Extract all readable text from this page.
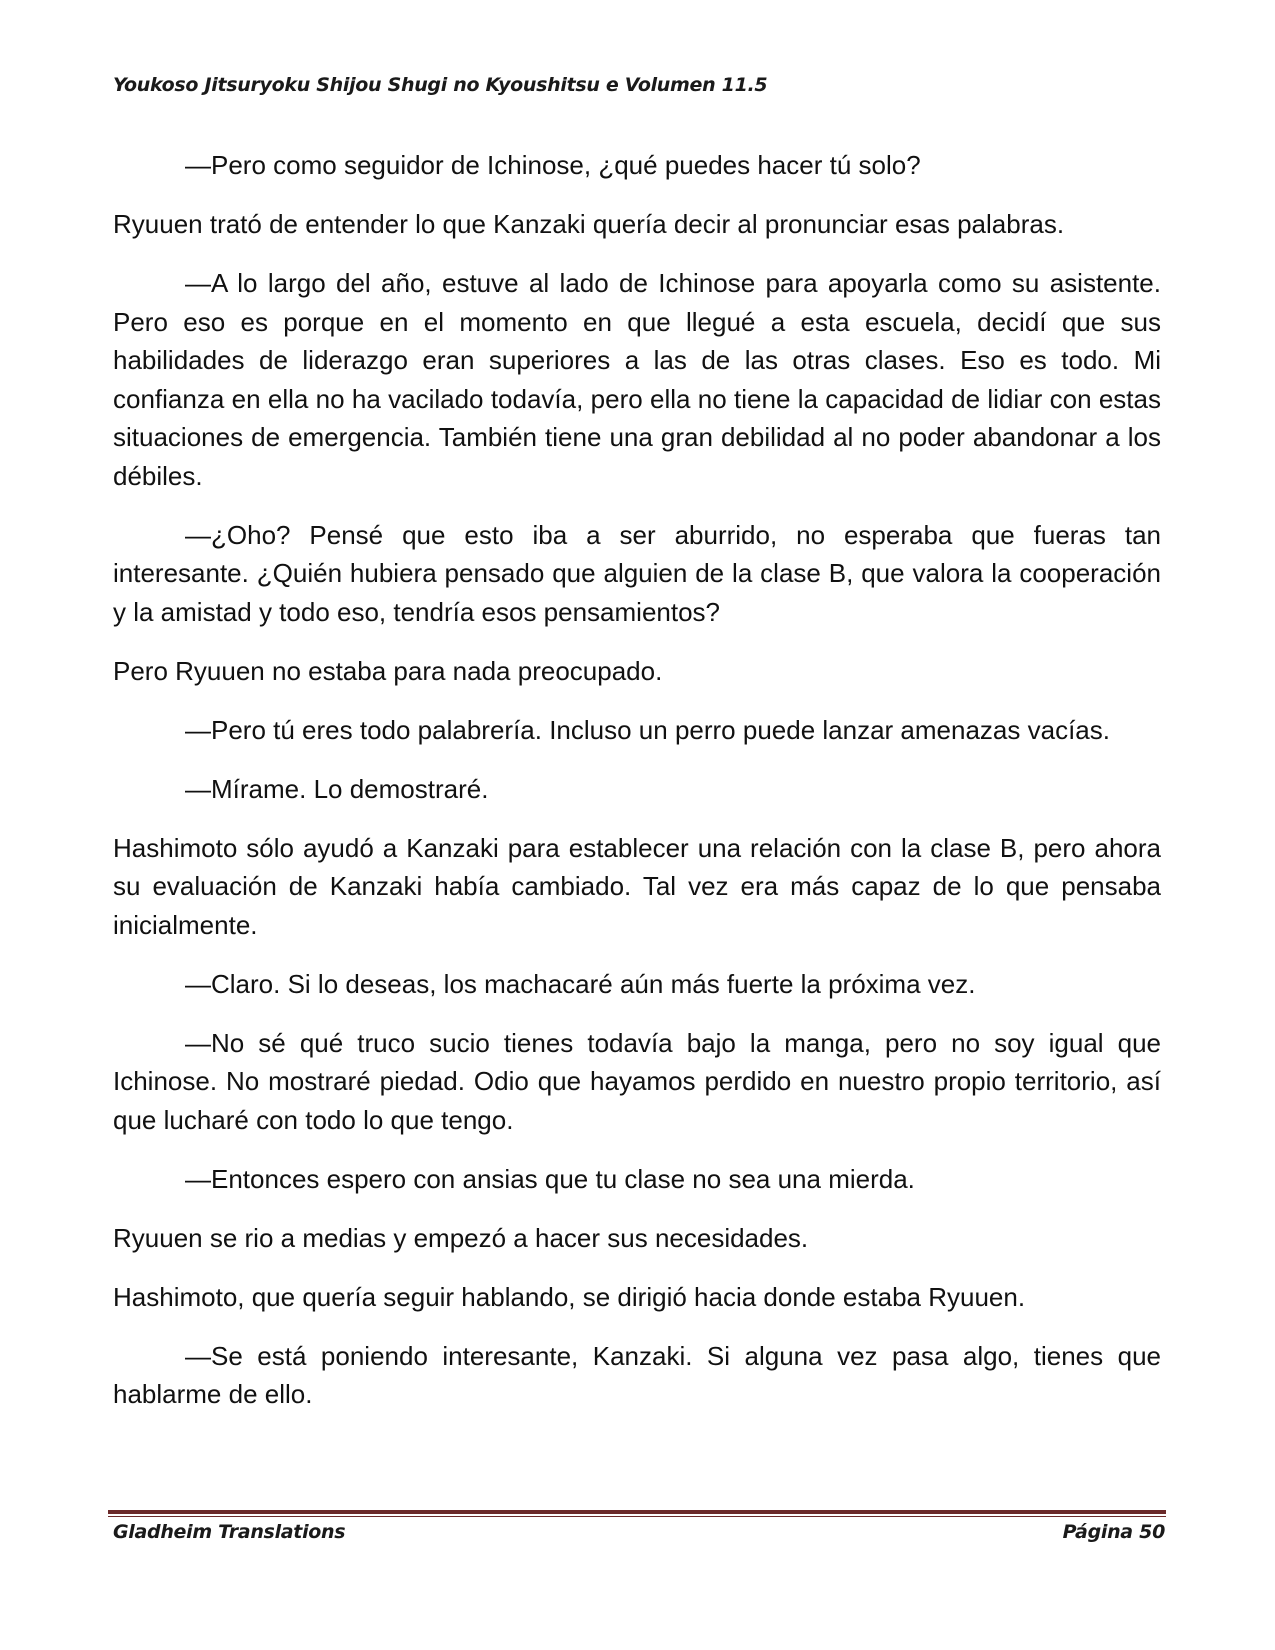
Youkoso Jitsuryoku Shijou Shugi no Kyoushitsu e Volumen 11.5

—Pero como seguidor de Ichinose, ¿qué puedes hacer tú solo?

Ryuuen trató de entender lo que Kanzaki quería decir al pronunciar esas palabras.

—A lo largo del año, estuve al lado de Ichinose para apoyarla como su asistente. Pero eso es porque en el momento en que llegué a esta escuela, decidí que sus habilidades de liderazgo eran superiores a las de las otras clases. Eso es todo. Mi confianza en ella no ha vacilado todavía, pero ella no tiene la capacidad de lidiar con estas situaciones de emergencia. También tiene una gran debilidad al no poder abandonar a los débiles.

—¿Oho? Pensé que esto iba a ser aburrido, no esperaba que fueras tan interesante. ¿Quién hubiera pensado que alguien de la clase B, que valora la cooperación y la amistad y todo eso, tendría esos pensamientos?

Pero Ryuuen no estaba para nada preocupado.

—Pero tú eres todo palabrería. Incluso un perro puede lanzar amenazas vacías.

—Mírame. Lo demostraré.

Hashimoto sólo ayudó a Kanzaki para establecer una relación con la clase B, pero ahora su evaluación de Kanzaki había cambiado. Tal vez era más capaz de lo que pensaba inicialmente.

—Claro. Si lo deseas, los machacaré aún más fuerte la próxima vez.

—No sé qué truco sucio tienes todavía bajo la manga, pero no soy igual que Ichinose. No mostraré piedad. Odio que hayamos perdido en nuestro propio territorio, así que lucharé con todo lo que tengo.

—Entonces espero con ansias que tu clase no sea una mierda.

Ryuuen se rio a medias y empezó a hacer sus necesidades.

Hashimoto, que quería seguir hablando, se dirigió hacia donde estaba Ryuuen.

—Se está poniendo interesante, Kanzaki. Si alguna vez pasa algo, tienes que hablarme de ello.

Gladheim Translations	Página 50
